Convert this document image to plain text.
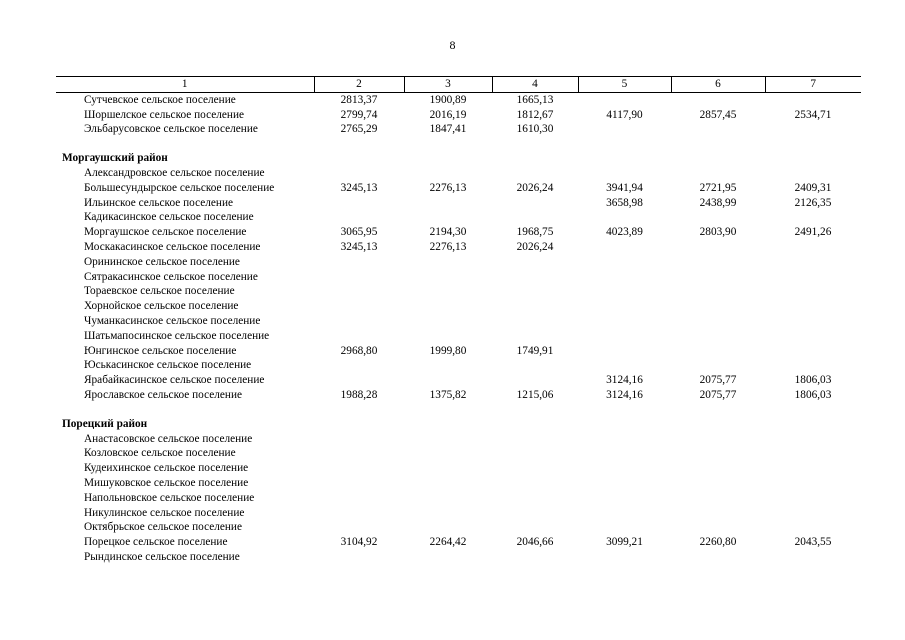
8
1	2	3	4	5	6	7
Сутчевское сельское поселение	2813,37	1900,89	1665,13			
Шоршелское сельское поселение	2799,74	2016,19	1812,67	4117,90	2857,45	2534,71
Эльбарусовское сельское поселение	2765,29	1847,41	1610,30			
Моргаушский район						
Александровское сельское поселение						
Большесундырское сельское поселение	3245,13	2276,13	2026,24	3941,94	2721,95	2409,31
Ильинское сельское поселение				3658,98	2438,99	2126,35
Кадикасинское сельское поселение						
Моргаушское сельское поселение	3065,95	2194,30	1968,75	4023,89	2803,90	2491,26
Москакасинское сельское поселение	3245,13	2276,13	2026,24			
Орининское сельское поселение						
Сятракасинское сельское поселение						
Тораевское сельское поселение						
Хорнойское сельское поселение						
Чуманкасинское сельское поселение						
Шатьмапосинское сельское поселение						
Юнгинское сельское поселение	2968,80	1999,80	1749,91			
Юськасинское сельское поселение						
Ярабайкасинское сельское поселение				3124,16	2075,77	1806,03
Ярославское сельское поселение	1988,28	1375,82	1215,06	3124,16	2075,77	1806,03
Порецкий район						
Анастасовское сельское поселение						
Козловское сельское поселение						
Кудеихинское сельское поселение						
Мишуковское сельское поселение						
Напольновское сельское поселение						
Никулинское сельское поселение						
Октябрьское сельское поселение						
Порецкое сельское поселение	3104,92	2264,42	2046,66	3099,21	2260,80	2043,55
Рындинское сельское поселение						
